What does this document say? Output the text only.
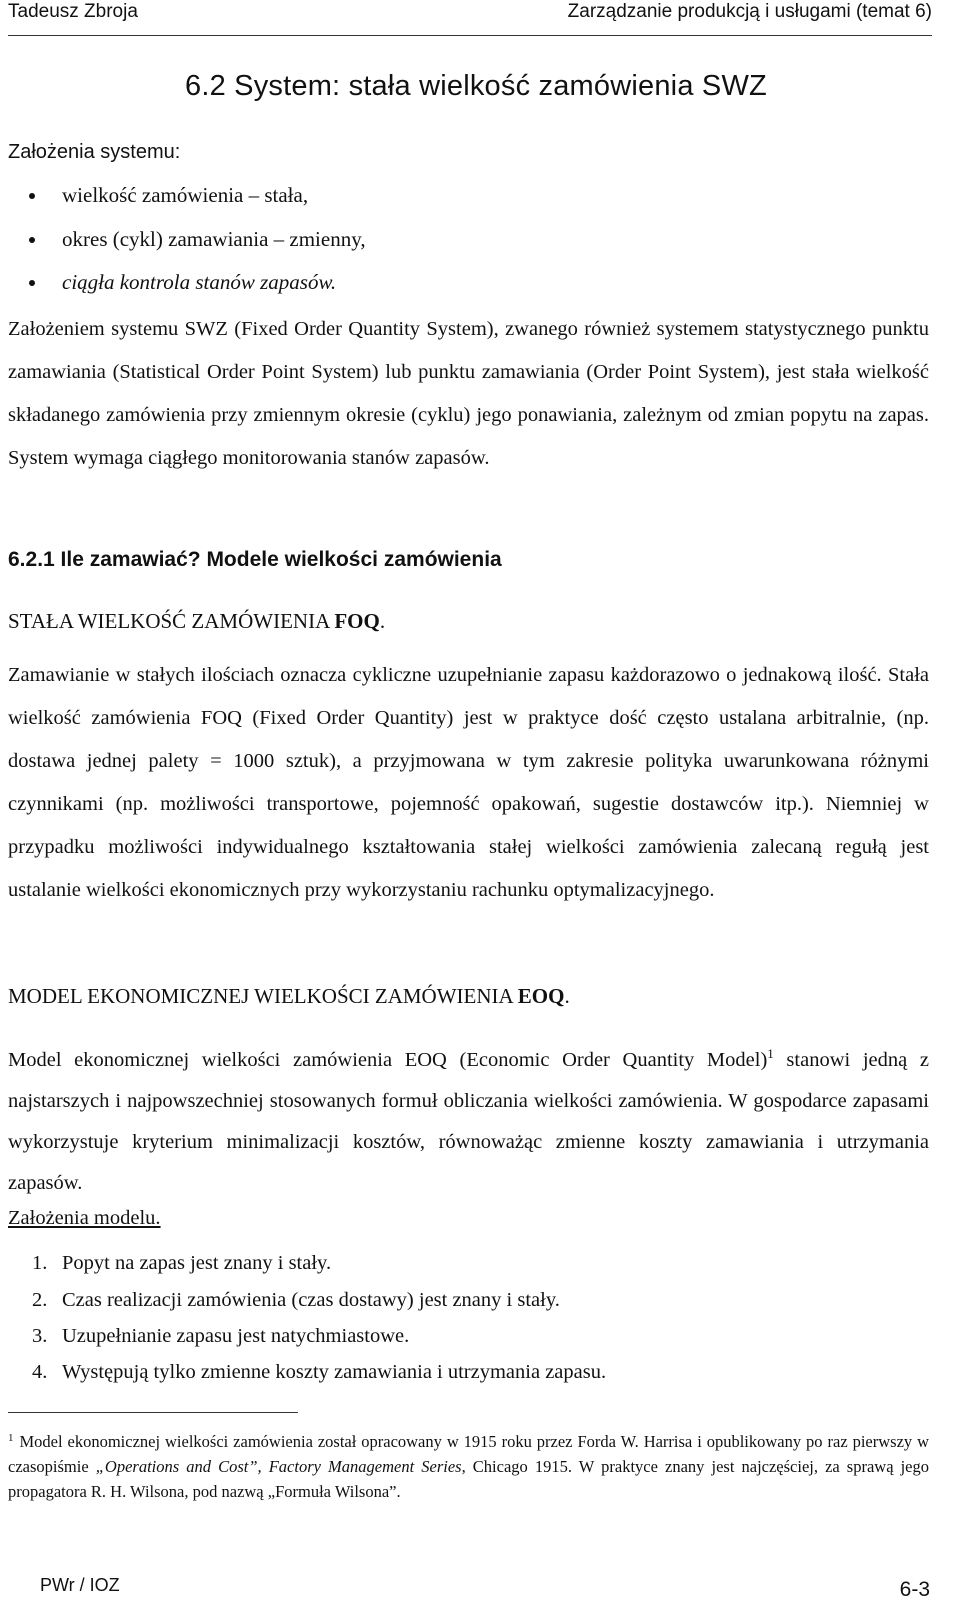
Tadeusz Zbroja	Zarządzanie produkcją i usługami (temat 6)
6.2 System: stała wielkość zamówienia SWZ
Założenia systemu:
wielkość zamówienia – stała,
okres (cykl) zamawiania – zmienny,
ciągła kontrola stanów zapasów.

Założeniem systemu SWZ (Fixed Order Quantity System), zwanego również systemem statystycznego punktu zamawiania (Statistical Order Point System) lub punktu zamawiania (Order Point System), jest stała wielkość składanego zamówienia przy zmiennym okresie (cyklu) jego ponawiania, zależnym od zmian popytu na zapas. System wymaga ciągłego monitorowania stanów zapasów.

6.2.1 Ile zamawiać? Modele wielkości zamówienia
STAŁA WIELKOŚĆ ZAMÓWIENIA FOQ.

Zamawianie w stałych ilościach oznacza cykliczne uzupełnianie zapasu każdorazowo o jednakową ilość. Stała wielkość zamówienia FOQ (Fixed Order Quantity) jest w praktyce dość często ustalana arbitralnie, (np. dostawa jednej palety = 1000 sztuk), a przyjmowana w tym zakresie polityka uwarunkowana różnymi czynnikami (np. możliwości transportowe, pojemność opakowań, sugestie dostawców itp.). Niemniej w przypadku możliwości indywidualnego kształtowania stałej wielkości zamówienia zalecaną regułą jest ustalanie wielkości ekonomicznych przy wykorzystaniu rachunku optymalizacyjnego.

MODEL EKONOMICZNEJ WIELKOŚCI ZAMÓWIENIA EOQ.

Model ekonomicznej wielkości zamówienia EOQ (Economic Order Quantity Model)$^1$ stanowi jedną z najstarszych i najpowszechniej stosowanych formuł obliczania wielkości zamówienia. W gospodarce zapasami wykorzystuje kryterium minimalizacji kosztów, równoważąc zmienne koszty zamawiania i utrzymania zapasów.

Założenia modelu.
1. Popyt na zapas jest znany i stały.
2. Czas realizacji zamówienia (czas dostawy) jest znany i stały.
3. Uzupełnianie zapasu jest natychmiastowe.
4. Występują tylko zmienne koszty zamawiania i utrzymania zapasu.

$^1$ Model ekonomicznej wielkości zamówienia został opracowany w 1915 roku przez Forda W. Harrisa i opublikowany po raz pierwszy w czasopiśmie „Operations and Cost”, Factory Management Series, Chicago 1915. W praktyce znany jest najczęściej, za sprawą jego propagatora R. H. Wilsona, pod nazwą „Formuła Wilsona”.

PWr / IOZ	6-3
